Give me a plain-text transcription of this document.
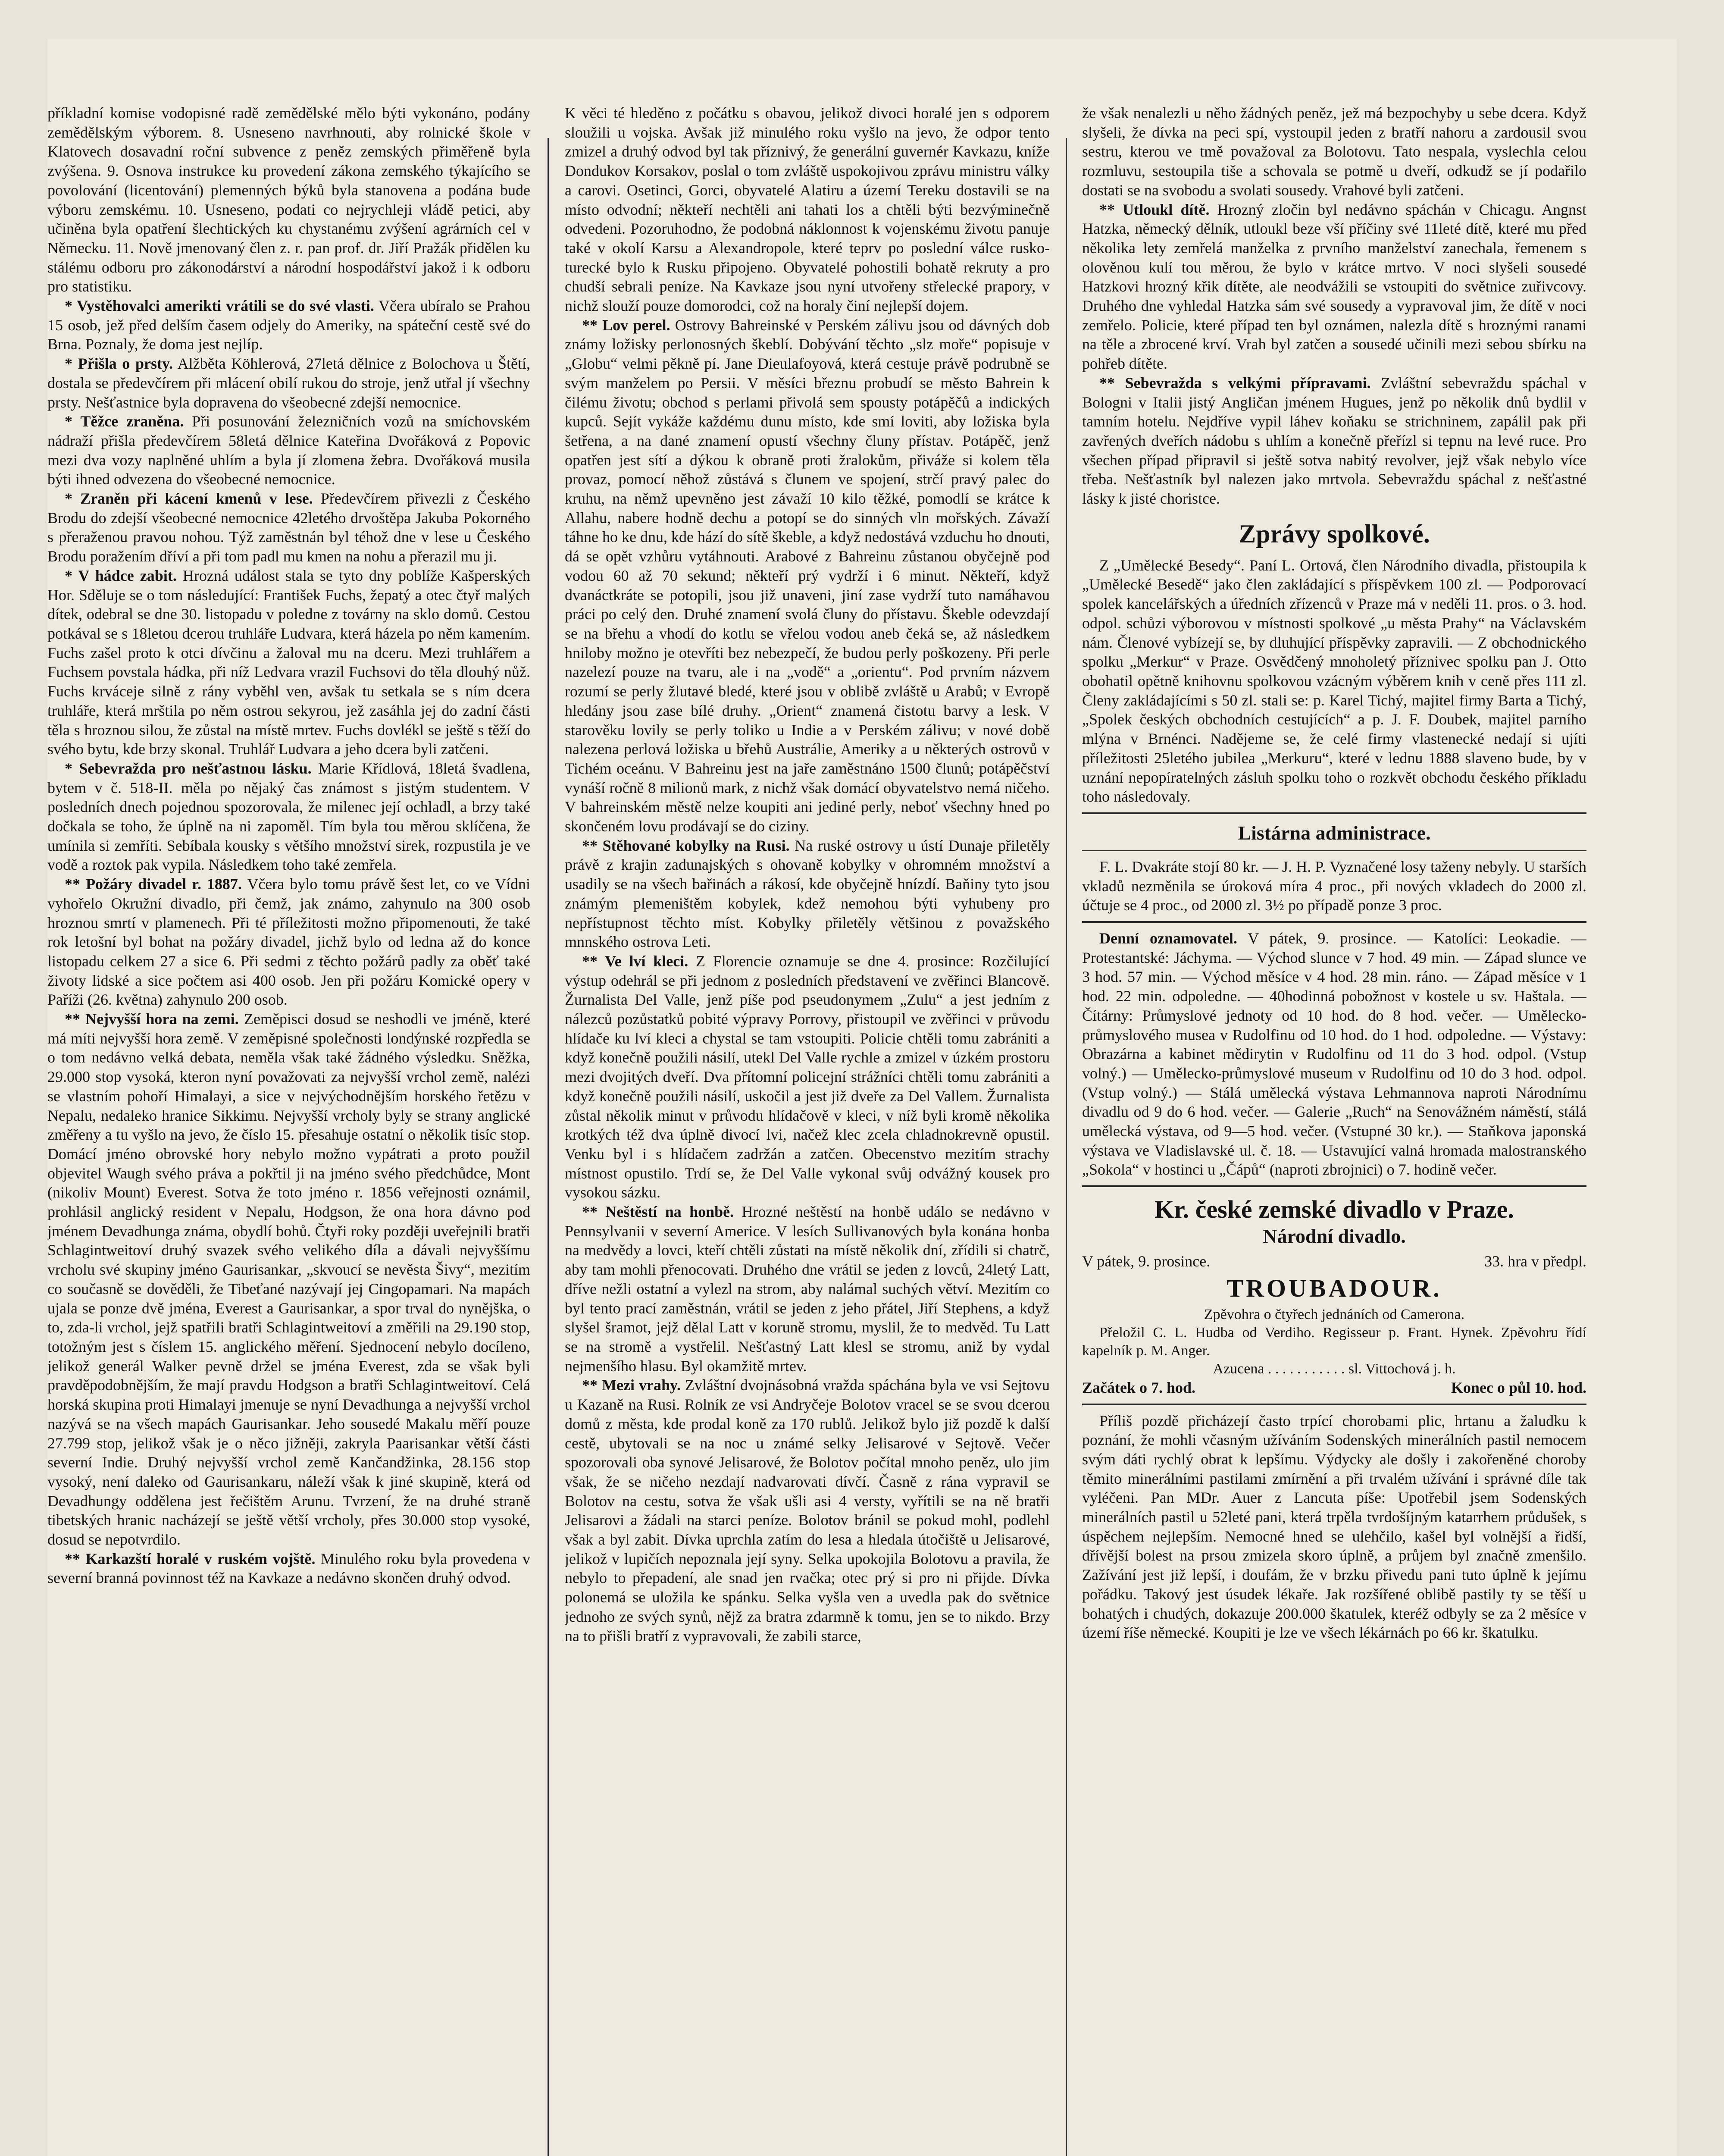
příkladní komise vodopisné radě zemědělské mělo býti vykonáno, podány zemědělským výborem. 8. Usneseno navrhnouti, aby rolnické škole v Klatovech dosavadní roční subvence z peněz zemských přiměřeně byla zvýšena. 9. Osnova instrukce ku provedení zákona zemského týkajícího se povolování (licentování) plemenných býků byla stanovena a podána bude výboru zemskému. 10. Usneseno, podati co nejrychleji vládě petici, aby učiněna byla opatření šlechtických ku chystanému zvýšení agrárních cel v Německu. 11. Nově jmenovaný člen z. r. pan prof. dr. Jiří Pražák přidělen ku stálému odboru pro zákonodárství a národní hospodářství jakož i k odboru pro statistiku.

* Vystěhovalci amerikti vrátili se do své vlasti. Včera ubíralo se Prahou 15 osob, jež před delším časem odjely do Ameriky, na spáteční cestě své do Brna. Poznaly, že doma jest nejlíp.

* Přišla o prsty. Alžběta Köhlerová, 27letá dělnice z Bolochova u Štětí, dostala se předevčírem při mlácení obilí rukou do stroje, jenž utřal jí všechny prsty. Nešťastnice byla dopravena do všeobecné zdejší nemocnice.

* Těžce zraněna. Při posunování železničních vozů na smíchovském nádraží přišla předevčírem 58letá dělnice Kateřina Dvořáková z Popovic mezi dva vozy naplněné uhlím a byla jí zlomena žebra. Dvořáková musila býti ihned odvezena do všeobecné nemocnice.

* Zraněn při kácení kmenů v lese. Předevčírem přivezli z Českého Brodu do zdejší všeobecné nemocnice 42letého drvoštěpa Jakuba Pokorného s přeraženou pravou nohou. Týž zaměstnán byl téhož dne v lese u Českého Brodu poražením dříví a při tom padl mu kmen na nohu a přerazil mu ji.

* V hádce zabit. Hrozná událost stala se tyto dny poblíže Kašperských Hor. Sděluje se o tom následující: František Fuchs, žepatý a otec čtyř malých dítek, odebral se dne 30. listopadu v poledne z továrny na sklo domů. Cestou potkával se s 18letou dcerou truhláře Ludvara, která házela po něm kamením. Fuchs zašel proto k otci dívčinu a žaloval mu na dceru. Mezi truhlářem a Fuchsem povstala hádka, při níž Ledvara vrazil Fuchsovi do těla dlouhý nůž. Fuchs krváceje silně z rány vyběhl ven, avšak tu setkala se s ním dcera truhláře, která mrštila po něm ostrou sekyrou, jež zasáhla jej do zadní části těla s hroznou silou, že zůstal na místě mrtev. Fuchs dovlékl se ještě s těží do svého bytu, kde brzy skonal. Truhlář Ludvara a jeho dcera byli zatčeni.

* Sebevražda pro nešťastnou lásku. Marie Křídlová, 18letá švadlena, bytem v č. 518-II. měla po nějaký čas známost s jistým studentem. V posledních dnech pojednou spozorovala, že milenec její ochladl, a brzy také dočkala se toho, že úplně na ni zapoměl. Tím byla tou měrou sklíčena, že umínila si zemříti. Sebíbala kousky s většího množství sirek, rozpustila je ve vodě a roztok pak vypila. Následkem toho také zemřela.

** Požáry divadel r. 1887. Včera bylo tomu právě šest let, co ve Vídni vyhořelo Okružní divadlo, při čemž, jak známo, zahynulo na 300 osob hroznou smrtí v plamenech. Při té příležitosti možno připomenouti, že také rok letošní byl bohat na požáry divadel, jichž bylo od ledna až do konce listopadu celkem 27 a sice 6. Při sedmi z těchto požárů padly za oběť také životy lidské a sice počtem asi 400 osob. Jen při požáru Komické opery v Paříži (26. května) zahynulo 200 osob.

** Nejvyšší hora na zemi. Zeměpisci dosud se neshodli ve jméně, které má míti nejvyšší hora země. V zeměpisné společnosti londýnské rozpředla se o tom nedávno velká debata, neměla však také žádného výsledku. Sněžka, 29.000 stop vysoká, kteron nyní považovati za nejvyšší vrchol země, nalézi se vlastním pohoří Himalayi, a sice v nejvýchodnějším horského řetězu v Nepalu, nedaleko hranice Sikkimu. Nejvyšší vrcholy byly se strany anglické změřeny a tu vyšlo na jevo, že číslo 15. přesahuje ostatní o několik tisíc stop. Domácí jméno obrovské hory nebylo možno vypátrati a proto použil objevitel Waugh svého práva a pokřtil ji na jméno svého předchůdce, Mont (nikoliv Mount) Everest. Sotva že toto jméno r. 1856 veřejnosti oznámil, prohlásil anglický resident v Nepalu, Hodgson, že ona hora dávno pod jménem Devadhunga známa, obydlí bohů. Čtyři roky později uveřejnili bratři Schlagintweitoví druhý svazek svého velikého díla a dávali nejvyššímu vrcholu své skupiny jméno Gaurisankar, „skvoucí se nevěsta Šivy“, mezitím co současně se dověděli, že Tibeťané nazývají jej Cingopamari. Na mapách ujala se ponze dvě jména, Everest a Gaurisankar, a spor trval do nynějška, o to, zda-li vrchol, jejž spatřili bratři Schlagintweitoví a změřili na 29.190 stop, totožným jest s číslem 15. anglického měření. Sjednocení nebylo docíleno, jelikož generál Walker pevně držel se jména Everest, zda se však byli pravděpodobnějším, že mají pravdu Hodgson a bratři Schlagintweitoví. Celá horská skupina proti Himalayi jmenuje se nyní Devadhunga a nejvyšší vrchol nazývá se na všech mapách Gaurisankar. Jeho sousedé Makalu měří pouze 27.799 stop, jelikož však je o něco jižněji, zakryla Paarisankar větší části severní Indie. Druhý nejvyšší vrchol země Kančandžinka, 28.156 stop vysoký, není daleko od Gaurisankaru, náleží však k jiné skupině, která od Devadhungy oddělena jest řečištěm Arunu. Tvrzení, že na druhé straně tibetských hranic nacházejí se ještě větší vrcholy, přes 30.000 stop vysoké, dosud se nepotvrdilo.

** Karkazští horalé v ruském vojště. Minulého roku byla provedena v severní branná povinnost též na Kavkaze a nedávno skončen druhý odvod.

K věci té hleděno z počátku s obavou, jelikož divoci horalé jen s odporem sloužili u vojska. Avšak již minulého roku vyšlo na jevo, že odpor tento zmizel a druhý odvod byl tak příznivý, že generální guvernér Kavkazu, kníže Dondukov Korsakov, poslal o tom zvláště uspokojivou zprávu ministru války a carovi. Osetinci, Gorci, obyvatelé Alatiru a území Tereku dostavili se na místo odvodní; někteří nechtěli ani tahati los a chtěli býti bezvýminečně odvedeni. Pozoruhodno, že podobná náklonnost k vojenskému životu panuje také v okolí Karsu a Alexandropole, které teprv po poslední válce rusko-turecké bylo k Rusku připojeno. Obyvatelé pohostili bohatě rekruty a pro chudší sebrali peníze. Na Kavkaze jsou nyní utvořeny střelecké prapory, v nichž slouží pouze domorodci, což na horaly činí nejlepší dojem.

** Lov perel. Ostrovy Bahreinské v Perském zálivu jsou od dávných dob známy ložisky perlonosných škeblí. Dobývání těchto „slz moře“ popisuje v „Globu“ velmi pěkně pí. Jane Dieulafoyová, která cestuje právě podrubně se svým manželem po Persii. V měsíci březnu probudí se město Bahrein k čilému životu; obchod s perlami přivolá sem spousty potápěčů a indických kupců. Sejít vykáže každému dunu místo, kde smí loviti, aby ložiska byla šetřena, a na dané znamení opustí všechny čluny přístav. Potápěč, jenž opatřen jest sítí a dýkou k obraně proti žralokům, přiváže si kolem těla provaz, pomocí něhož zůstává s člunem ve spojení, strčí pravý palec do kruhu, na němž upevněno jest závaží 10 kilo těžké, pomodlí se krátce k Allahu, nabere hodně dechu a potopí se do sinných vln mořských. Závaží táhne ho ke dnu, kde hází do sítě škeble, a když nedostává vzduchu ho dnouti, dá se opět vzhůru vytáhnouti. Arabové z Bahreinu zůstanou obyčejně pod vodou 60 až 70 sekund; někteří prý vydrží i 6 minut. Někteří, když dvanáctkráte se potopili, jsou již unaveni, jiní zase vydrží tuto namáhavou práci po celý den. Druhé znamení svolá čluny do přístavu. Škeble odevzdají se na břehu a vhodí do kotlu se vřelou vodou aneb čeká se, až následkem hniloby možno je otevříti bez nebezpečí, že budou perly poškozeny. Při perle nazelezí pouze na tvaru, ale i na „vodě“ a „orientu“. Pod prvním názvem rozumí se perly žlutavé bledé, které jsou v oblibě zvláště u Arabů; v Evropě hledány jsou zase bílé druhy. „Orient“ znamená čistotu barvy a lesk. V starověku lovily se perly toliko u Indie a v Perském zálivu; v nové době nalezena perlová ložiska u břehů Austrálie, Ameriky a u některých ostrovů v Tichém oceánu. V Bahreinu jest na jaře zaměstnáno 1500 člunů; potápěčství vynáší ročně 8 milionů mark, z nichž však domácí obyvatelstvo nemá ničeho. V bahreinském městě nelze koupiti ani jediné perly, neboť všechny hned po skončeném lovu prodávají se do ciziny.

** Stěhované kobylky na Rusi. Na ruské ostrovy u ústí Dunaje přiletěly právě z krajin zadunajských s ohovaně kobylky v ohromném množství a usadily se na všech bařinách a rákosí, kde obyčejně hnízdí. Baňiny tyto jsou známým plemeništěm kobylek, kdež nemohou býti vyhubeny pro nepřístupnost těchto míst. Kobylky přiletěly většinou z považského mnnského ostrova Leti.

** Ve lví kleci. Z Florencie oznamuje se dne 4. prosince: Rozčilující výstup odehrál se při jednom z posledních představení ve zvěřinci Blancově. Žurnalista Del Valle, jenž píše pod pseudonymem „Zulu“ a jest jedním z nálezců pozůstatků pobité výpravy Porrovy, přistoupil ve zvěřinci v průvodu hlídače ku lví kleci a chystal se tam vstoupiti. Policie chtěli tomu zabrániti a když konečně použili násilí, utekl Del Valle rychle a zmizel v úzkém prostoru mezi dvojitých dveří. Dva přítomní policejní strážníci chtěli tomu zabrániti a když konečně použili násilí, uskočil a jest již dveře za Del Vallem. Žurnalista zůstal několik minut v průvodu hlídačově v kleci, v níž byli kromě několika krotkých též dva úplně divocí lvi, načež klec zcela chladnokrevně opustil. Venku byl i s hlídačem zadržán a zatčen. Obecenstvo mezitím strachy místnost opustilo. Trdí se, že Del Valle vykonal svůj odvážný kousek pro vysokou sázku.

** Neštěstí na honbě. Hrozné neštěstí na honbě událo se nedávno v Pennsylvanii v severní Americe. V lesích Sullivanových byla konána honba na medvědy a lovci, kteří chtěli zůstati na místě několik dní, zřídili si chatrč, aby tam mohli přenocovati. Druhého dne vrátil se jeden z lovců, 24letý Latt, dříve nežli ostatní a vylezl na strom, aby nalámal suchých větví. Mezitím co byl tento prací zaměstnán, vrátil se jeden z jeho přátel, Jiří Stephens, a když slyšel šramot, jejž dělal Latt v koruně stromu, myslil, že to medvěd. Tu Latt se na stromě a vystřelil. Nešťastný Latt klesl se stromu, aniž by vydal nejmenšího hlasu. Byl okamžitě mrtev.

** Mezi vrahy. Zvláštní dvojnásobná vražda spáchána byla ve vsi Sejtovu u Kazaně na Rusi. Rolník ze vsi Andryčeje Bolotov vracel se se svou dcerou domů z města, kde prodal koně za 170 rublů. Jelikož bylo již pozdě k další cestě, ubytovali se na noc u známé selky Jelisarové v Sejtově. Večer spozorovali oba synové Jelisarové, že Bolotov počítal mnoho peněz, ulo jim však, že se ničeho nezdají nadvarovati dívčí. Časně z rána vypravil se Bolotov na cestu, sotva že však ušli asi 4 versty, vyřítili se na ně bratři Jelisarovi a žádali na starci peníze. Bolotov bránil se pokud mohl, podlehl však a byl zabit. Dívka uprchla zatím do lesa a hledala útočiště u Jelisarové, jelikož v lupičích nepoznala její syny. Selka upokojila Bolotovu a pravila, že nebylo to přepadení, ale snad jen rvačka; otec prý si pro ni přijde. Dívka polonemá se uložila ke spánku. Selka vyšla ven a uvedla pak do světnice jednoho ze svých synů, nějž za bratra zdarmně k tomu, jen se to nikdo. Brzy na to přišli bratří z vypravovali, že zabili starce,

že však nenalezli u něho žádných peněz, jež má bezpochyby u sebe dcera. Když slyšeli, že dívka na peci spí, vystoupil jeden z bratří nahoru a zardousil svou sestru, kterou ve tmě považoval za Bolotovu. Tato nespala, vyslechla celou rozmluvu, sestoupila tiše a schovala se potmě u dveří, odkudž se jí podařilo dostati se na svobodu a svolati sousedy. Vrahové byli zatčeni.

** Utloukl dítě. Hrozný zločin byl nedávno spáchán v Chicagu. Angnst Hatzka, německý dělník, utloukl beze vší příčiny své 11leté dítě, které mu před několika lety zemřelá manželka z prvního manželství zanechala, řemenem s olověnou kulí tou měrou, že bylo v krátce mrtvo. V noci slyšeli sousedé Hatzkovi hrozný křik dítěte, ale neodvážili se vstoupiti do světnice zuřivcovy. Druhého dne vyhledal Hatzka sám své sousedy a vypravoval jim, že dítě v noci zemřelo. Policie, které případ ten byl oznámen, nalezla dítě s hroznými ranami na těle a zbrocené krví. Vrah byl zatčen a sousedé učinili mezi sebou sbírku na pohřeb dítěte.

** Sebevražda s velkými přípravami. Zvláštní sebevraždu spáchal v Bologni v Italii jistý Angličan jménem Hugues, jenž po několik dnů bydlil v tamním hotelu. Nejdříve vypil láhev koňaku se strichninem, zapálil pak při zavřených dveřích nádobu s uhlím a konečně přeřízl si tepnu na levé ruce. Pro všechen případ připravil si ještě sotva nabitý revolver, jejž však nebylo více třeba. Nešťastník byl nalezen jako mrtvola. Sebevraždu spáchal z nešťastné lásky k jisté choristce.

Zprávy spolkové.

Z „Umělecké Besedy“. Paní L. Ortová, člen Národního divadla, přistoupila k „Umělecké Besedě“ jako člen zakládající s příspěvkem 100 zl. — Podporovací spolek kancelářských a úředních zřízenců v Praze má v neděli 11. pros. o 3. hod. odpol. schůzi výborovou v místnosti spolkové „u města Prahy“ na Václavském nám. Členové vybízejí se, by dluhující příspěvky zapravili. — Z obchodnického spolku „Merkur“ v Praze. Osvědčený mnoholetý příznivec spolku pan J. Otto obohatil opětně knihovnu spolkovou vzácným výběrem knih v ceně přes 111 zl. Členy zakládajícími s 50 zl. stali se: p. Karel Tichý, majitel firmy Barta a Tichý, „Spolek českých obchodních cestujících“ a p. J. F. Doubek, majitel parního mlýna v Brnénci. Nadějeme se, že celé firmy vlastenecké nedají si ujíti příležitosti 25letého jubilea „Merkuru“, které v lednu 1888 slaveno bude, by v uznání nepopíratelných zásluh spolku toho o rozkvět obchodu českého příkladu toho následovaly.

Listárna administrace.

F. L. Dvakráte stojí 80 kr. — J. H. P. Vyznačené losy taženy nebyly. U starších vkladů nezměnila se úroková míra 4 proc., při nových vkladech do 2000 zl. účtuje se 4 proc., od 2000 zl. 3½ po případě ponze 3 proc.

Denní oznamovatel. V pátek, 9. prosince. — Katolíci: Leokadie. — Protestantské: Jáchyma. — Východ slunce v 7 hod. 49 min. — Západ slunce ve 3 hod. 57 min. — Východ měsíce v 4 hod. 28 min. ráno. — Západ měsíce v 1 hod. 22 min. odpoledne. — 40hodinná pobožnost v kostele u sv. Haštala. — Čítárny: Průmyslové jednoty od 10 hod. do 8 hod. večer. — Umělecko-průmyslového musea v Rudolfinu od 10 hod. do 1 hod. odpoledne. — Výstavy: Obrazárna a kabinet mědirytin v Rudolfinu od 11 do 3 hod. odpol. (Vstup volný.) — Umělecko-průmyslové museum v Rudolfinu od 10 do 3 hod. odpol. (Vstup volný.) — Stálá umělecká výstava Lehmannova naproti Národnímu divadlu od 9 do 6 hod. večer. — Galerie „Ruch“ na Senovážném náměstí, stálá umělecká výstava, od 9—5 hod. večer. (Vstupné 30 kr.). — Staňkova japonská výstava ve Vladislavské ul. č. 18. — Ustavující valná hromada malostranského „Sokola“ v hostinci u „Čápů“ (naproti zbrojnici) o 7. hodině večer.

Kr. české zemské divadlo v Praze.
Národní divadlo.
V pátek, 9. prosince.	33. hra v předpl.
TROUBADOUR.

Zpěvohra o čtyřech jednáních od Camerona.

Přeložil C. L. Hudba od Verdiho. Regisseur p. Frant. Hynek. Zpěvohru řídí kapelník p. M. Anger.

Azucena . . . . . . . . . . . sl. Vittochová j. h.

Začátek o 7. hod.	Konec o půl 10. hod.

Příliš pozdě přicházejí často trpící chorobami plic, hrtanu a žaludku k poznání, že mohli včasným užíváním Sodenských minerálních pastil nemocem svým dáti rychlý obrat k lepšímu. Výdycky ale došly i zakořeněné choroby těmito minerálními pastilami zmírnění a při trvalém užívání i správné díle tak vyléčeni. Pan MDr. Auer z Lancuta píše: Upotřebil jsem Sodenských minerálních pastil u 52leté pani, která trpěla tvrdošíjným katarrhem průdušek, s úspěchem nejlepším. Nemocné hned se ulehčilo, kašel byl volnější a řidší, dřívější bolest na prsou zmizela skoro úplně, a průjem byl značně zmenšilo. Zažívání jest již lepší, i doufám, že v brzku přivedu pani tuto úplně k jejímu pořádku. Takový jest úsudek lékaře. Jak rozšířené oblibě pastily ty se těší u bohatých i chudých, dokazuje 200.000 škatulek, kteréž odbyly se za 2 měsíce v území říše německé. Koupiti je lze ve všech lékárnách po 66 kr. škatulku.
